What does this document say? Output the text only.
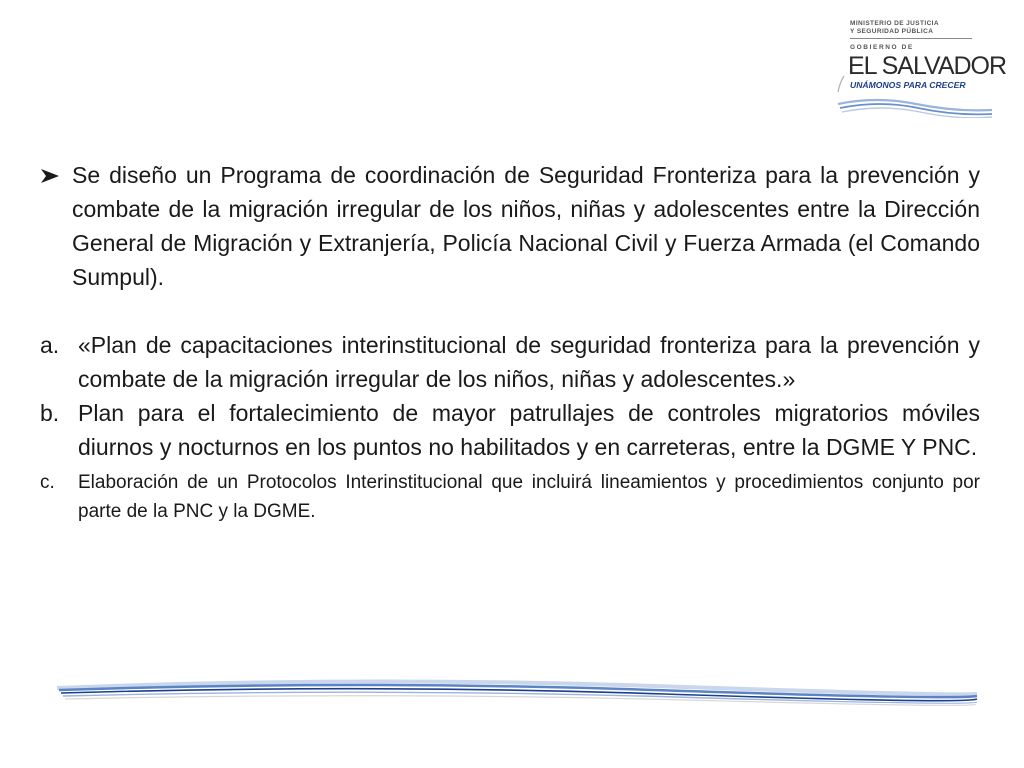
MINISTERIO DE JUSTICIA
Y SEGURIDAD PÚBLICA
GOBIERNO DE
EL SALVADOR
UNÁMONOS PARA CRECER
Se diseño un Programa de coordinación de Seguridad Fronteriza para la prevención y combate de la migración irregular de los niños, niñas y adolescentes entre la Dirección General de Migración y Extranjería, Policía Nacional Civil y Fuerza Armada (el Comando Sumpul).
a. «Plan de capacitaciones interinstitucional de seguridad fronteriza para la prevención y combate de la migración irregular de los niños, niñas y adolescentes.»
b. Plan para el fortalecimiento de mayor patrullajes de controles migratorios móviles diurnos y nocturnos en los puntos no habilitados y en carreteras, entre la DGME Y PNC.
c. Elaboración de un Protocolos Interinstitucional que incluirá lineamientos y procedimientos conjunto por parte de la PNC y la DGME.
